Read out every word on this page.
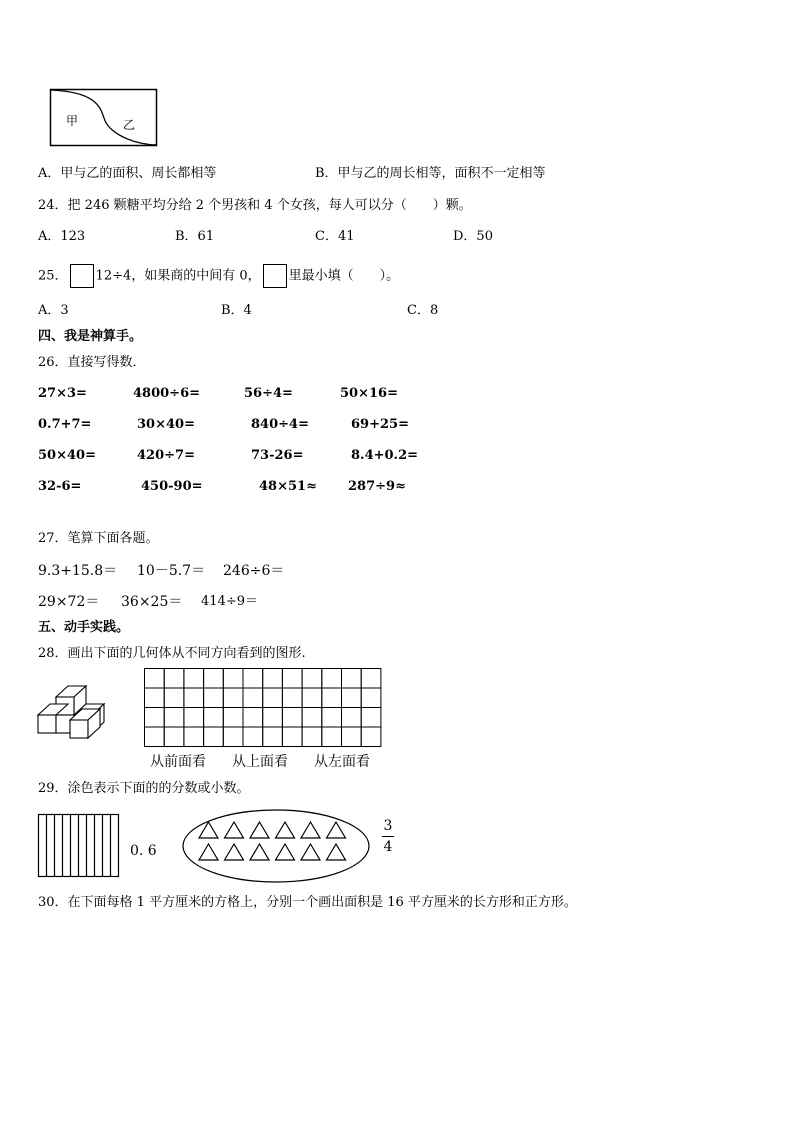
甲	乙
A．甲与乙的面积、周长都相等	B．甲与乙的周长相等，面积不一定相等
24．把 246 颗糖平均分给 2 个男孩和 4 个女孩，每人可以分（　　）颗。
A．123	B．61	C．41	D．50
25． 12÷4，如果商的中间有 0， 里最小填（　　）。
A．3	B．4	C．8
四、我是神算手。
26．直接写得数．
27×3=	4800÷6=	56÷4=	50×16=
0.7+7=	30×40=	840÷4=	69+25=
50×40=	420÷7=	73-26=	8.4+0.2=
32-6=	450-90=	48×51≈ 287÷9≈
27．笔算下面各题。
9.3+15.8＝ 10－5.7＝ 246÷6＝
29×72＝ 36×25＝ 414÷9＝
五、动手实践。
28．画出下面的几何体从不同方向看到的图形.
从前面看 从上面看 从左面看
29．涂色表示下面的的分数或小数。
0. 6
3
4
30．在下面每格 1 平方厘米的方格上，分别一个画出面积是 16 平方厘米的长方形和正方形。
